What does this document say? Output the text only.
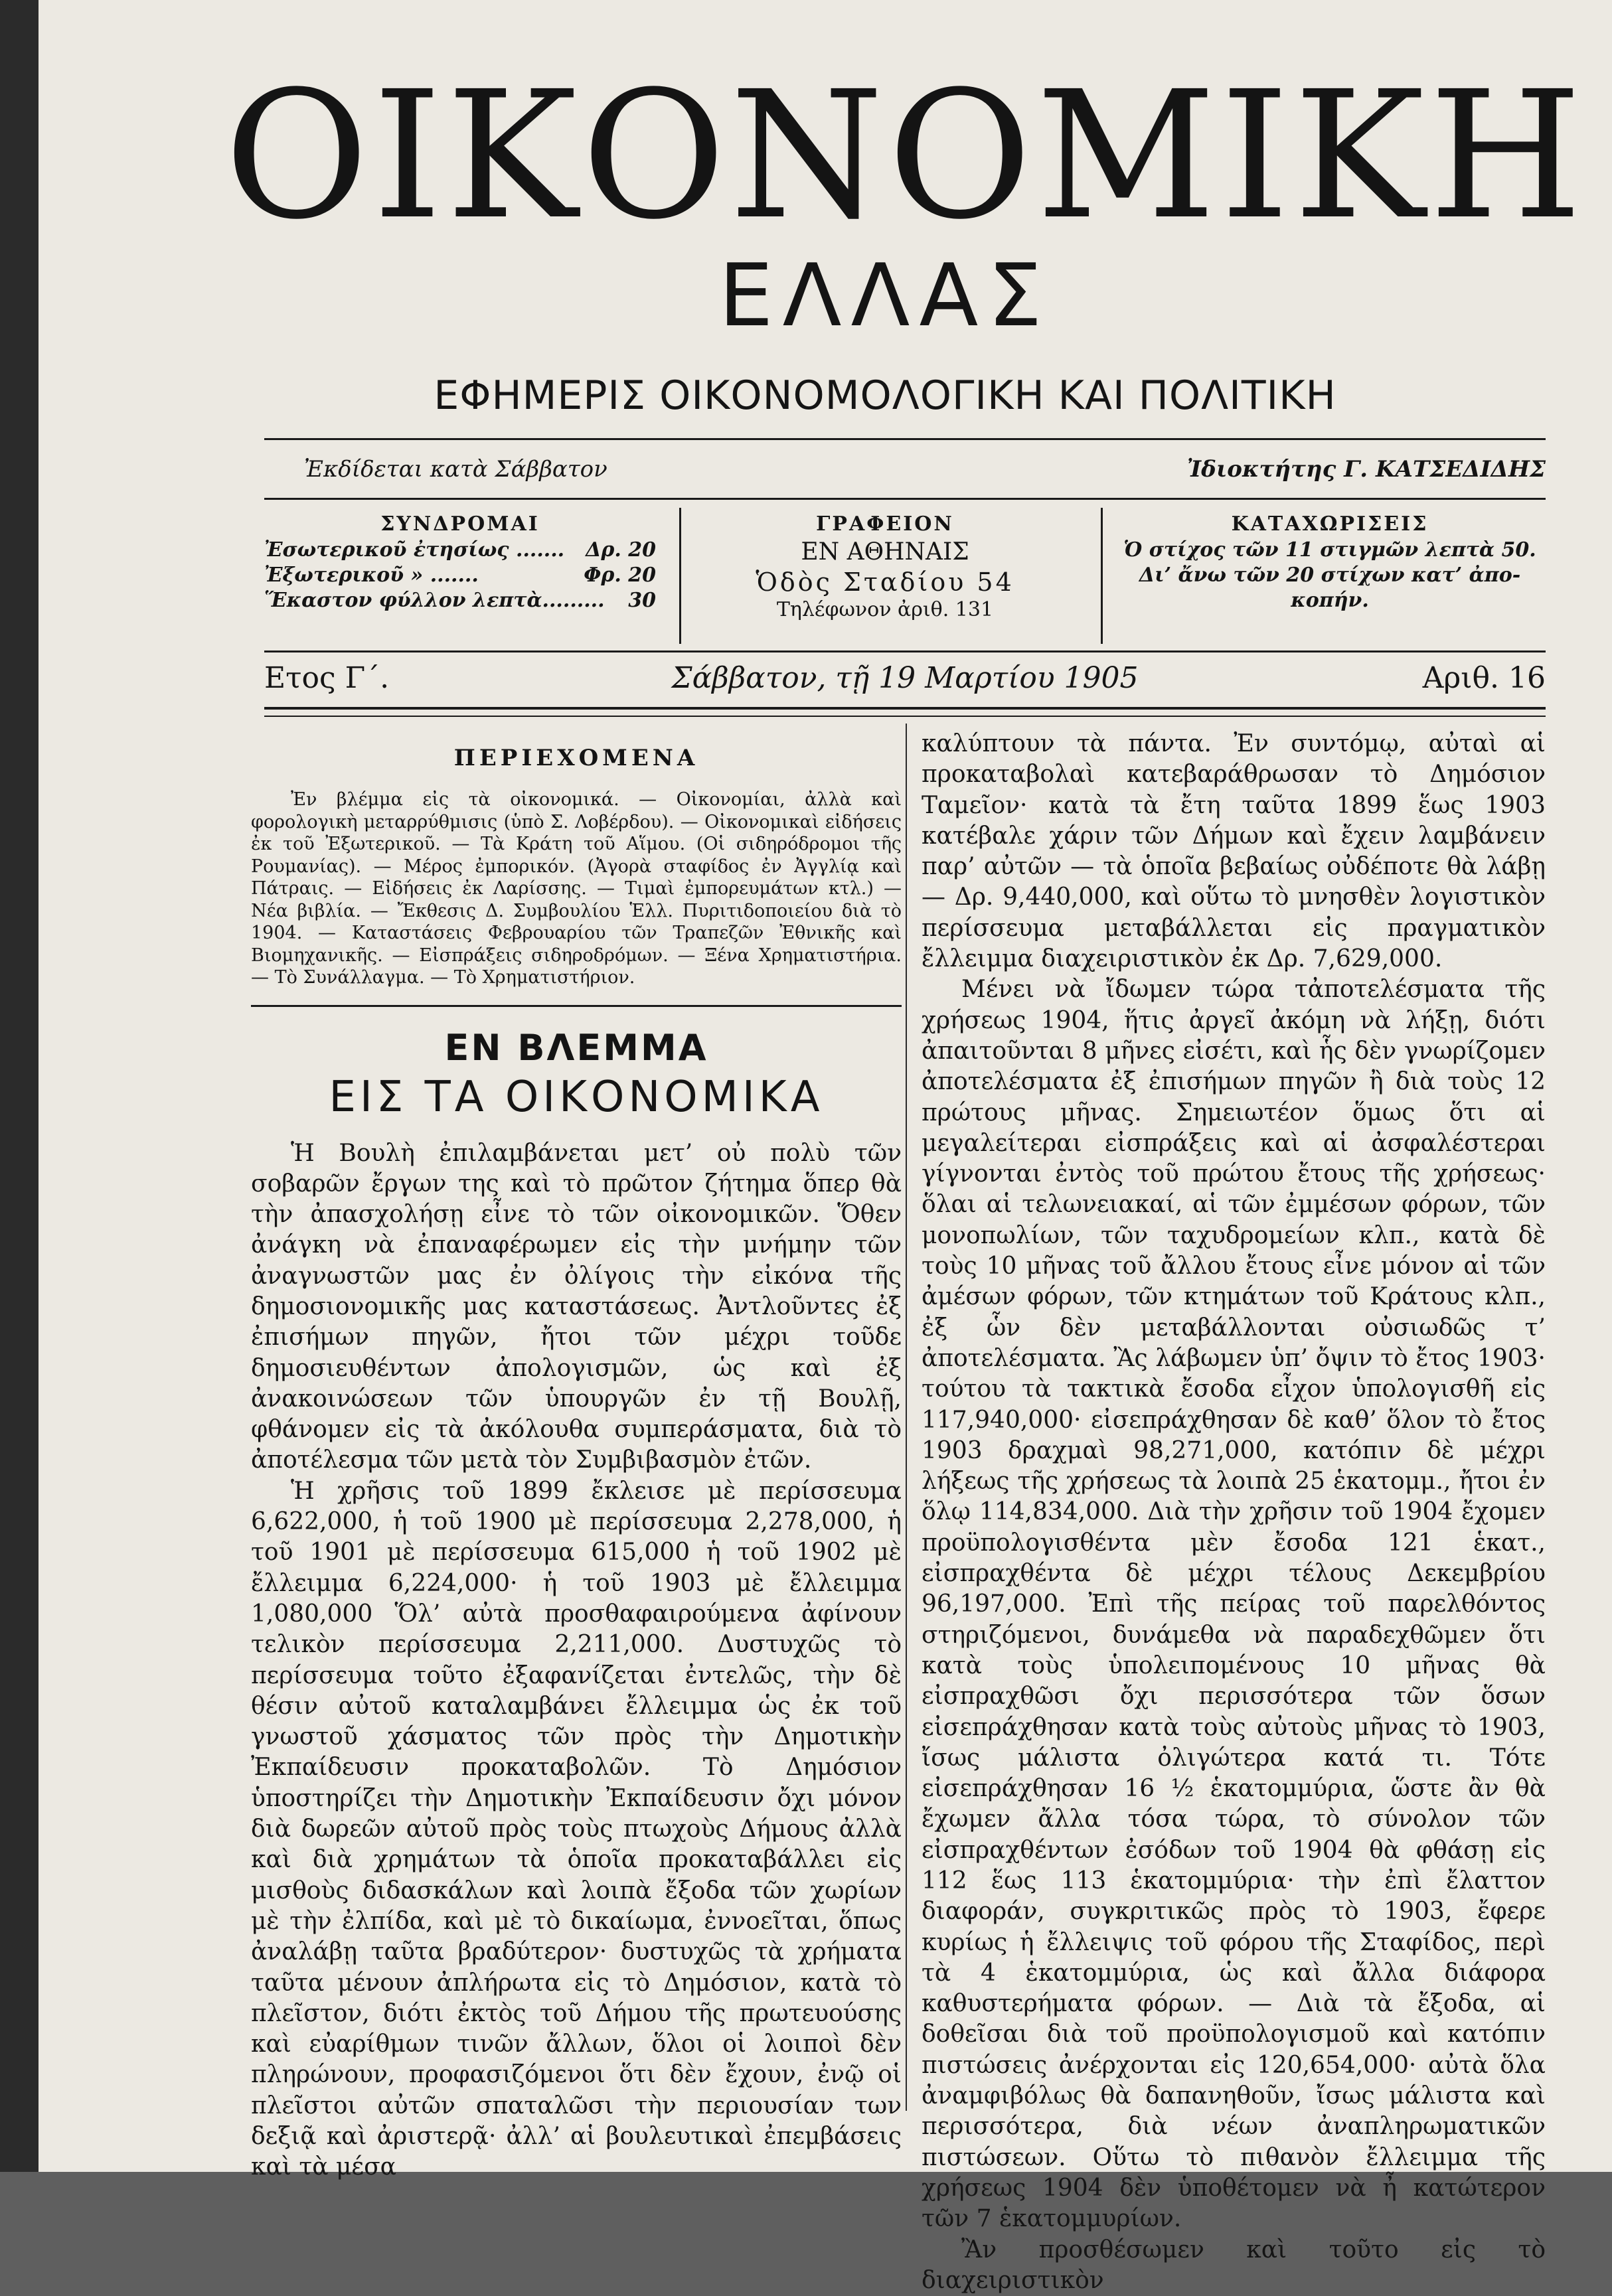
ΟΙΚΟΝΟΜΙΚΗ
ΕΛΛΑΣ
ΕΦΗΜΕΡΙΣ ΟΙΚΟΝΟΜΟΛΟΓΙΚΗ ΚΑΙ ΠΟΛΙΤΙΚΗ
Ἐκδίδεται κατὰ Σάββατον	Ἰδιοκτήτης Γ. ΚΑΤΣΕΔΙΔΗΣ
ΣΥΝΔΡΟΜΑΙ
Ἐσωτερικοῦ ἐτησίως ....... Δρ. 20
Ἐξωτερικοῦ » .......	Φρ. 20
Ἕκαστον φύλλον λεπτὰ......... 30
ΓΡΑΦΕΙΟΝ
ΕΝ ΑΘΗΝΑΙΣ
Ὁδὸς Σταδίου 54
Τηλέφωνον ἀριθ. 131
ΚΑΤΑΧΩΡΙΣΕΙΣ
Ὁ στίχος τῶν 11 στιγμῶν λεπτὰ 50.
Δι’ ἄνω τῶν 20 στίχων κατ’ ἀπο-
κοπήν.
Ετος Γ΄.	Σάββατον, τῇ 19 Μαρτίου 1905	Αριθ. 16

ΠΕΡΙΕΧΟΜΕΝΑ

Ἐν βλέμμα εἰς τὰ οἰκονομικά. — Οἰκονομίαι, ἀλλὰ καὶ φορολογικὴ μεταρρύθμισις (ὑπὸ Σ. Λοβέρδου). — Οἰκονομικαὶ εἰδήσεις ἐκ τοῦ Ἐξωτερικοῦ. — Τὰ Κράτη τοῦ Αἵμου. (Οἱ σιδηρόδρομοι τῆς Ρουμανίας). — Μέρος ἐμπορικόν. (Ἀγορὰ σταφίδος ἐν Ἀγγλίᾳ καὶ Πάτραις. — Εἰδήσεις ἐκ Λαρίσσης. — Τιμαὶ ἐμπορευμάτων κτλ.) — Νέα βιβλία. — Ἔκθεσις Δ. Συμβουλίου Ἑλλ. Πυριτιδοποιείου διὰ τὸ 1904. — Καταστάσεις Φεβρουαρίου τῶν Τραπεζῶν Ἐθνικῆς καὶ Βιομηχανικῆς. — Εἰσπράξεις σιδηροδρόμων. — Ξένα Χρηματιστήρια. — Τὸ Συνάλλαγμα. — Τὸ Χρηματιστήριον.

ΕΝ ΒΛΕΜΜΑ

ΕΙΣ ΤΑ ΟΙΚΟΝΟΜΙΚΑ

Ἡ Βουλὴ ἐπιλαμβάνεται μετ’ οὐ πολὺ τῶν σοβαρῶν ἔργων της καὶ τὸ πρῶτον ζήτημα ὅπερ θὰ τὴν ἀπασχολήσῃ εἶνε τὸ τῶν οἰκονομικῶν. Ὅθεν ἀνάγκη νὰ ἐπαναφέρωμεν εἰς τὴν μνήμην τῶν ἀναγνωστῶν μας ἐν ὀλίγοις τὴν εἰκόνα τῆς δημοσιονομικῆς μας καταστάσεως. Ἀντλοῦντες ἐξ ἐπισήμων πηγῶν, ἤτοι τῶν μέχρι τοῦδε δημοσιευθέντων ἀπολογισμῶν, ὡς καὶ ἐξ ἀνακοινώσεων τῶν ὑπουργῶν ἐν τῇ Βουλῇ, φθάνομεν εἰς τὰ ἀκόλουθα συμπεράσματα, διὰ τὸ ἀποτέλεσμα τῶν μετὰ τὸν Συμβιβασμὸν ἐτῶν.

Ἡ χρῆσις τοῦ 1899 ἔκλεισε μὲ περίσσευμα 6,622,000, ἡ τοῦ 1900 μὲ περίσσευμα 2,278,000, ἡ τοῦ 1901 μὲ περίσσευμα 615,000 ἡ τοῦ 1902 μὲ ἔλλειμμα 6,224,000· ἡ τοῦ 1903 μὲ ἔλλειμμα 1,080,000 Ὅλ’ αὐτὰ προσθαφαιρούμενα ἀφίνουν τελικὸν περίσσευμα 2,211,000. Δυστυχῶς τὸ περίσσευμα τοῦτο ἐξαφανίζεται ἐντελῶς, τὴν δὲ θέσιν αὐτοῦ καταλαμβάνει ἔλλειμμα ὡς ἐκ τοῦ γνωστοῦ χάσματος τῶν πρὸς τὴν Δημοτικὴν Ἐκπαίδευσιν προκαταβολῶν. Τὸ Δημόσιον ὑποστηρίζει τὴν Δημοτικὴν Ἐκπαίδευσιν ὄχι μόνον διὰ δωρεῶν αὐτοῦ πρὸς τοὺς πτωχοὺς Δήμους ἀλλὰ καὶ διὰ χρημάτων τὰ ὁποῖα προκαταβάλλει εἰς μισθοὺς διδασκάλων καὶ λοιπὰ ἔξοδα τῶν χωρίων μὲ τὴν ἐλπίδα, καὶ μὲ τὸ δικαίωμα, ἐννοεῖται, ὅπως ἀναλάβῃ ταῦτα βραδύτερον· δυστυχῶς τὰ χρήματα ταῦτα μένουν ἀπλήρωτα εἰς τὸ Δημόσιον, κατὰ τὸ πλεῖστον, διότι ἐκτὸς τοῦ Δήμου τῆς πρωτευούσης καὶ εὐαρίθμων τινῶν ἄλλων, ὅλοι οἱ λοιποὶ δὲν πληρώνουν, προφασιζόμενοι ὅτι δὲν ἔχουν, ἐνῷ οἱ πλεῖστοι αὐτῶν σπαταλῶσι τὴν περιουσίαν των δεξιᾷ καὶ ἀριστερᾷ· ἀλλ’ αἱ βουλευτικαὶ ἐπεμβάσεις καὶ τὰ μέσα

καλύπτουν τὰ πάντα. Ἐν συντόμῳ, αὐταὶ αἱ προκαταβολαὶ κατεβαράθρωσαν τὸ Δημόσιον Ταμεῖον· κατὰ τὰ ἔτη ταῦτα 1899 ἕως 1903 κατέβαλε χάριν τῶν Δήμων καὶ ἔχειν λαμβάνειν παρ’ αὐτῶν — τὰ ὁποῖα βεβαίως οὐδέποτε θὰ λάβῃ — Δρ. 9,440,000, καὶ οὕτω τὸ μνησθὲν λογιστικὸν περίσσευμα μεταβάλλεται εἰς πραγματικὸν ἔλλειμμα διαχειριστικὸν ἐκ Δρ. 7,629,000.

Μένει νὰ ἴδωμεν τώρα τἀποτελέσματα τῆς χρήσεως 1904, ἥτις ἀργεῖ ἀκόμη νὰ λήξῃ, διότι ἀπαιτοῦνται 8 μῆνες εἰσέτι, καὶ ἧς δὲν γνωρίζομεν ἀποτελέσματα ἐξ ἐπισήμων πηγῶν ἢ διὰ τοὺς 12 πρώτους μῆνας. Σημειωτέον ὅμως ὅτι αἱ μεγαλείτεραι εἰσπράξεις καὶ αἱ ἀσφαλέστεραι γίγνονται ἐντὸς τοῦ πρώτου ἔτους τῆς χρήσεως· ὅλαι αἱ τελωνειακαί, αἱ τῶν ἐμμέσων φόρων, τῶν μονοπωλίων, τῶν ταχυδρομείων κλπ., κατὰ δὲ τοὺς 10 μῆνας τοῦ ἄλλου ἔτους εἶνε μόνον αἱ τῶν ἀμέσων φόρων, τῶν κτημάτων τοῦ Κράτους κλπ., ἐξ ὧν δὲν μεταβάλλονται οὐσιωδῶς τ’ ἀποτελέσματα. Ἂς λάβωμεν ὑπ’ ὄψιν τὸ ἔτος 1903· τούτου τὰ τακτικὰ ἔσοδα εἶχον ὑπολογισθῆ εἰς 117,940,000· εἰσεπράχθησαν δὲ καθ’ ὅλον τὸ ἔτος 1903 δραχμαὶ 98,271,000, κατόπιν δὲ μέχρι λήξεως τῆς χρήσεως τὰ λοιπὰ 25 ἑκατομμ., ἤτοι ἐν ὅλῳ 114,834,000. Διὰ τὴν χρῆσιν τοῦ 1904 ἔχομεν προϋπολογισθέντα μὲν ἔσοδα 121 ἑκατ., εἰσπραχθέντα δὲ μέχρι τέλους Δεκεμβρίου 96,197,000. Ἐπὶ τῆς πείρας τοῦ παρελθόντος στηριζόμενοι, δυνάμεθα νὰ παραδεχθῶμεν ὅτι κατὰ τοὺς ὑπολειπομένους 10 μῆνας θὰ εἰσπραχθῶσι ὄχι περισσότερα τῶν ὅσων εἰσεπράχθησαν κατὰ τοὺς αὐτοὺς μῆνας τὸ 1903, ἴσως μάλιστα ὀλιγώτερα κατά τι. Τότε εἰσεπράχθησαν 16 ½ ἑκατομμύρια, ὥστε ἂν θὰ ἔχωμεν ἄλλα τόσα τώρα, τὸ σύνολον τῶν εἰσπραχθέντων ἐσόδων τοῦ 1904 θὰ φθάσῃ εἰς 112 ἕως 113 ἑκατομμύρια· τὴν ἐπὶ ἔλαττον διαφοράν, συγκριτικῶς πρὸς τὸ 1903, ἔφερε κυρίως ἡ ἔλλειψις τοῦ φόρου τῆς Σταφίδος, περὶ τὰ 4 ἑκατομμύρια, ὡς καὶ ἄλλα διάφορα καθυστερήματα φόρων. — Διὰ τὰ ἔξοδα, αἱ δοθεῖσαι διὰ τοῦ προϋπολογισμοῦ καὶ κατόπιν πιστώσεις ἀνέρχονται εἰς 120,654,000· αὐτὰ ὅλα ἀναμφιβόλως θὰ δαπανηθοῦν, ἴσως μάλιστα καὶ περισσότερα, διὰ νέων ἀναπληρωματικῶν πιστώσεων. Οὕτω τὸ πιθανὸν ἔλλειμμα τῆς χρήσεως 1904 δὲν ὑποθέτομεν νὰ ἦ κατώτερον τῶν 7 ἑκατομμυρίων.

Ἂν προσθέσωμεν καὶ τοῦτο εἰς τὸ διαχειριστικὸν
